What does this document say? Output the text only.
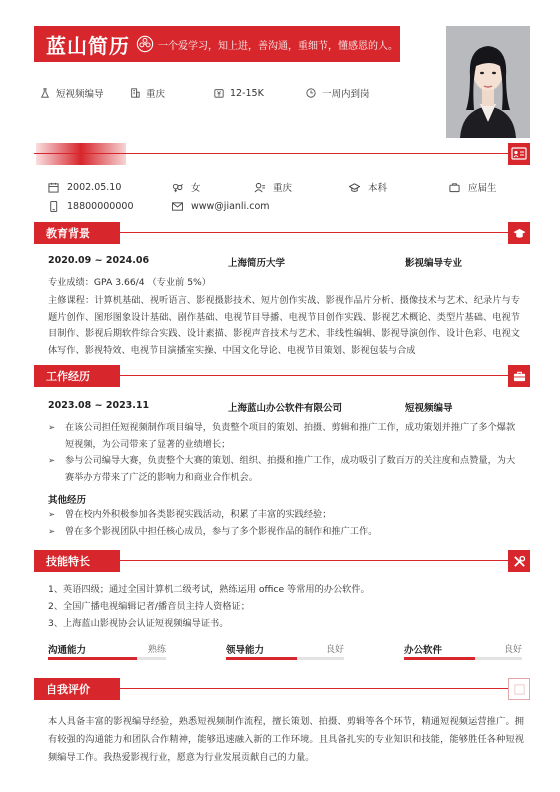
蓝山简历	一个爱学习，知上进，善沟通，重细节，懂感恩的人。
短视频编导	重庆	12-15K	一周内到岗
2002.05.10	女	重庆	本科	应届生
18800000000	www@jianli.com
教育背景
2020.09 ~ 2024.06	上海简历大学	影视编导专业
专业成绩：GPA 3.66/4 （专业前 5%）
主修课程：计算机基础、视听语言、影视摄影技术、短片创作实战、影视作品片分析、摄像技术与艺术、纪录片与专题片创作、图形图象设计基础、剧作基础、电视节目导播、电视节目创作实践、影视艺术概论、类型片基础、电视节目制作、影视后期软件综合实践、设计素描、影视声音技术与艺术、非线性编辑、影视导演创作、设计色彩、电视文体写作、影视特效、电视节目演播室实操、中国文化导论、电视节目策划、影视包装与合成
工作经历
2023.08 ~ 2023.11	上海蓝山办公软件有限公司	短视频编导
➢ 在该公司担任短视频制作项目编导，负责整个项目的策划、拍摄、剪辑和推广工作，成功策划并推广了多个爆款短视频，为公司带来了显著的业绩增长；
➢ 参与公司编导大赛，负责整个大赛的策划、组织、拍摄和推广工作，成功吸引了数百万的关注度和点赞量，为大赛举办方带来了广泛的影响力和商业合作机会。
其他经历
➢ 曾在校内外积极参加各类影视实践活动，积累了丰富的实践经验；
➢ 曾在多个影视团队中担任核心成员，参与了多个影视作品的制作和推广工作。
技能特长
1、英语四级；通过全国计算机二级考试，熟练运用 office 等常用的办公软件。
2、全国广播电视编辑记者/播音员主持人资格证；
3、上海蓝山影视协会认证短视频编导证书。
沟通能力	熟练	领导能力	良好	办公软件	良好
自我评价
本人具备丰富的影视编导经验，熟悉短视频制作流程，擅长策划、拍摄、剪辑等各个环节，精通短视频运营推广。拥有较强的沟通能力和团队合作精神，能够迅速融入新的工作环境。且具备扎实的专业知识和技能，能够胜任各种短视频编导工作。我热爱影视行业，愿意为行业发展贡献自己的力量。
